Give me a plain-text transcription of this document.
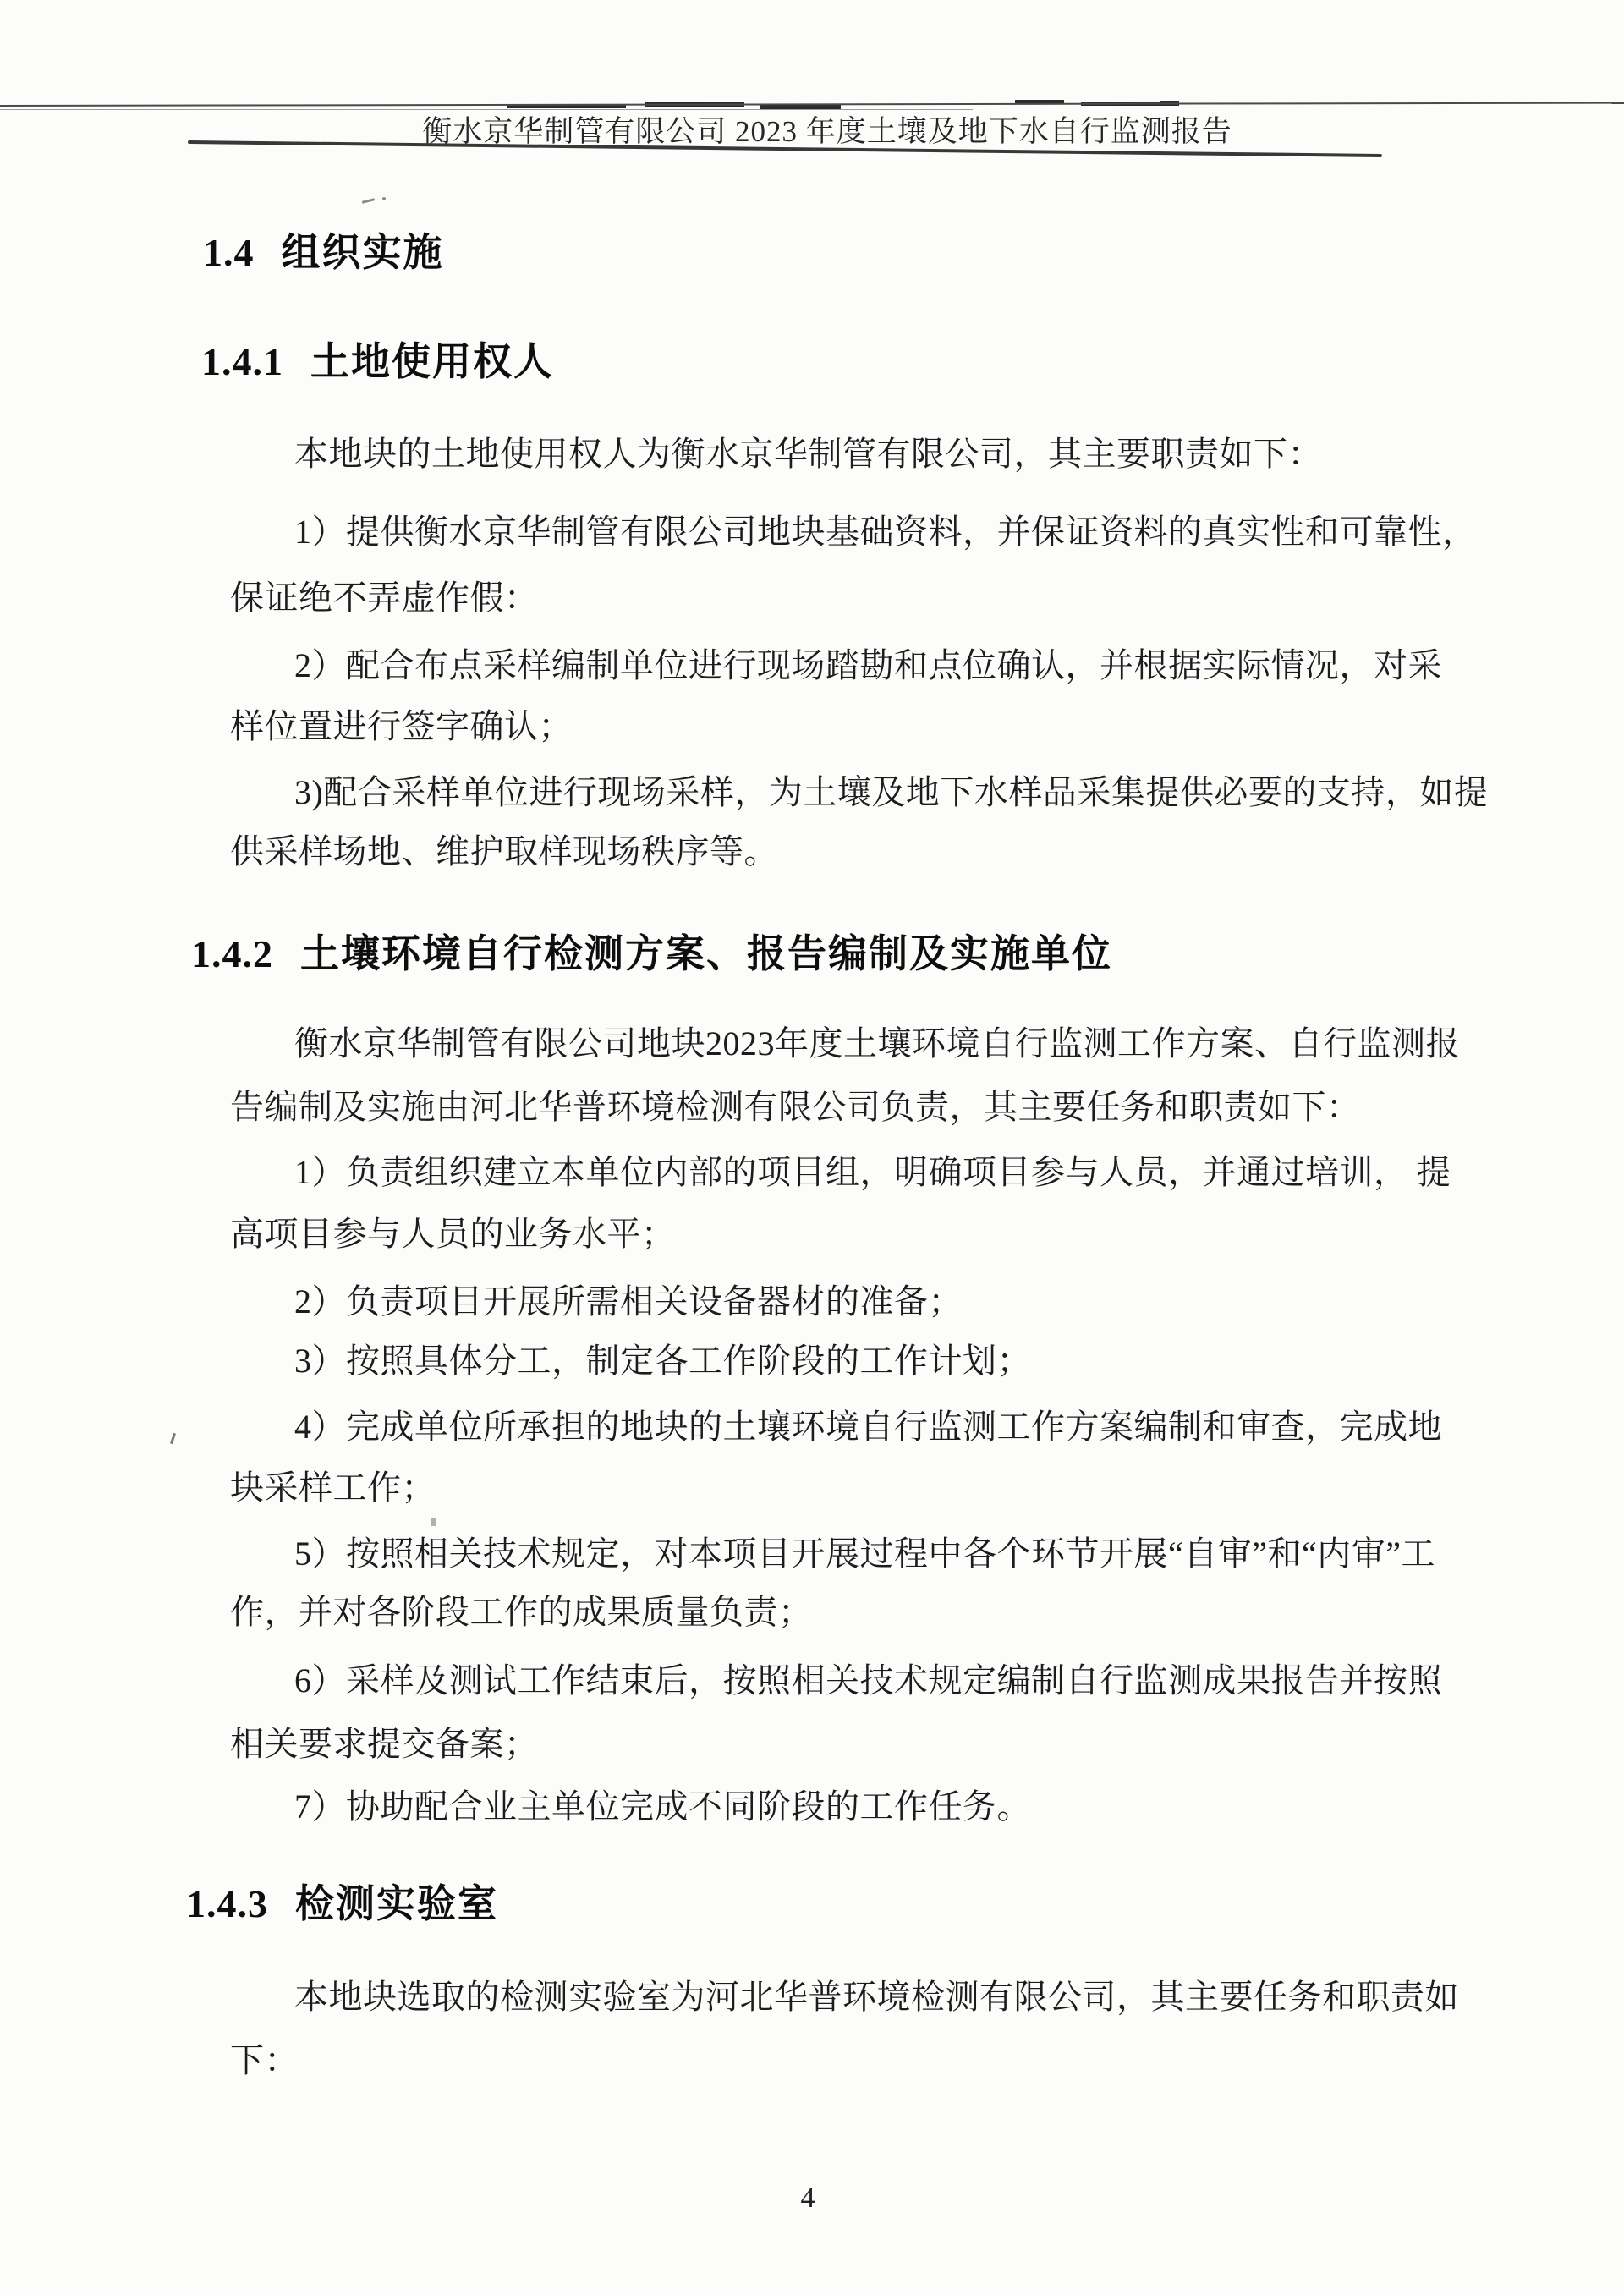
衡水京华制管有限公司 2023 年度土壤及地下水自行监测报告
1.4 组织实施
1.4.1 土地使用权人
1.4.2 土壤环境自行检测方案、报告编制及实施单位
1.4.3 检测实验室
本地块的土地使用权人为衡水京华制管有限公司，其主要职责如下：
1）提供衡水京华制管有限公司地块基础资料，并保证资料的真实性和可靠性，
保证绝不弄虚作假：
2）配合布点采样编制单位进行现场踏勘和点位确认，并根据实际情况，对采
样位置进行签字确认；
3)配合采样单位进行现场采样，为土壤及地下水样品采集提供必要的支持，如提
供采样场地、维护取样现场秩序等。
衡水京华制管有限公司地块2023年度土壤环境自行监测工作方案、自行监测报
告编制及实施由河北华普环境检测有限公司负责，其主要任务和职责如下：
1）负责组织建立本单位内部的项目组，明确项目参与人员，并通过培训， 提
高项目参与人员的业务水平；
2）负责项目开展所需相关设备器材的准备；
3）按照具体分工，制定各工作阶段的工作计划；
4）完成单位所承担的地块的土壤环境自行监测工作方案编制和审查，完成地
块采样工作；
5）按照相关技术规定，对本项目开展过程中各个环节开展“自审”和“内审”工
作，并对各阶段工作的成果质量负责；
6）采样及测试工作结束后，按照相关技术规定编制自行监测成果报告并按照
相关要求提交备案；
7）协助配合业主单位完成不同阶段的工作任务。
本地块选取的检测实验室为河北华普环境检测有限公司，其主要任务和职责如
下：
4
